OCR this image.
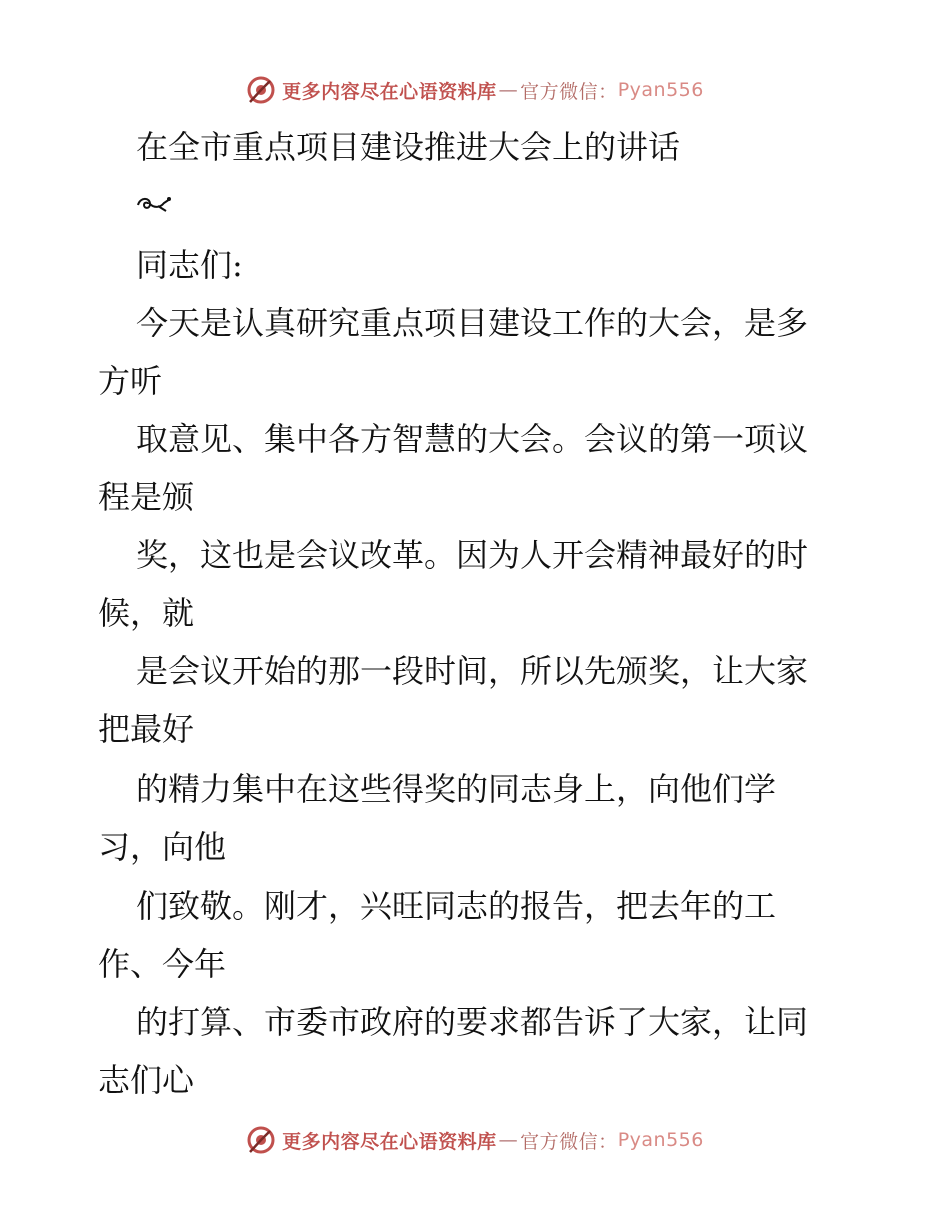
更多内容尽在心语资料库 — 官方微信： Pyan556
在全市重点项目建设推进大会上的讲话
同志们:
今天是认真研究重点项目建设工作的大会，是多
方听
取意见、集中各方智慧的大会。会议的第一项议
程是颁
奖，这也是会议改革。因为人开会精神最好的时
候，就
是会议开始的那一段时间，所以先颁奖，让大家
把最好
的精力集中在这些得奖的同志身上，向他们学
习，向他
们致敬。刚才，兴旺同志的报告，把去年的工
作、今年
的打算、市委市政府的要求都告诉了大家，让同
志们心
更多内容尽在心语资料库 — 官方微信： Pyan556
